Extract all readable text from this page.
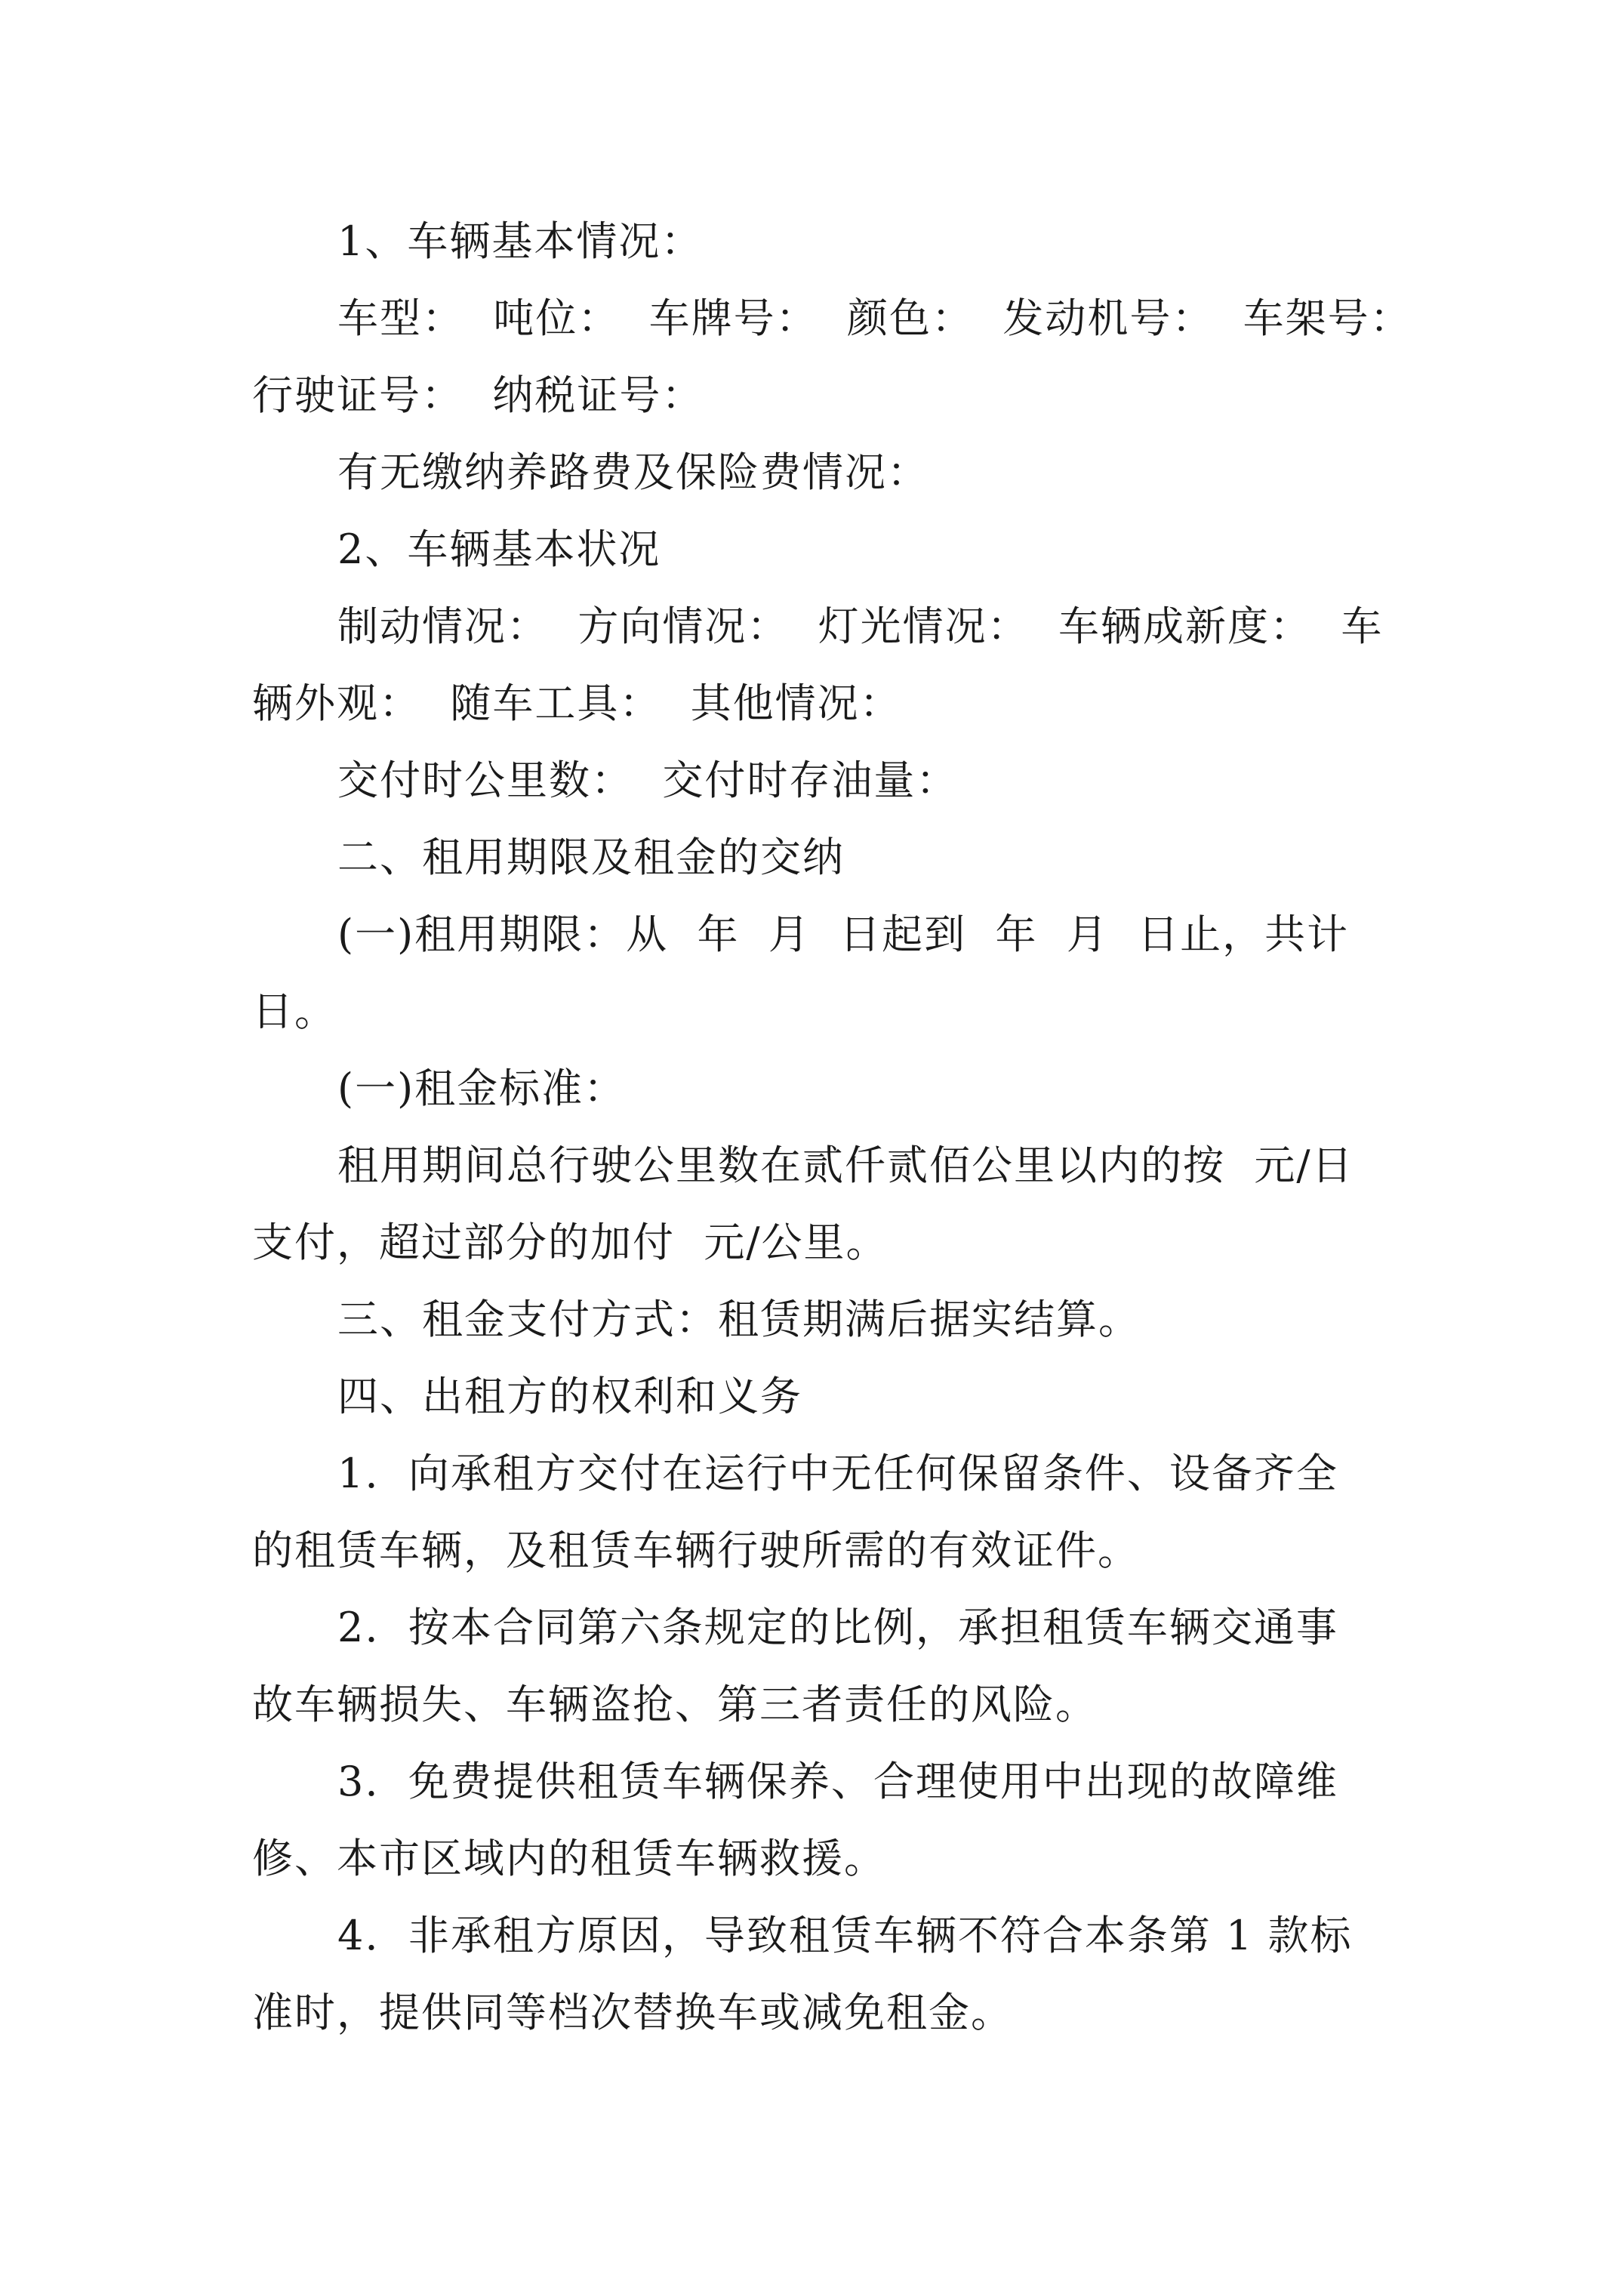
1、车辆基本情况：
车型：  吨位：  车牌号：  颜色：  发动机号：  车架号：
行驶证号：  纳税证号：
有无缴纳养路费及保险费情况：
2、车辆基本状况
制动情况：  方向情况：  灯光情况：  车辆成新度：  车
辆外观：  随车工具：  其他情况：
交付时公里数：  交付时存油量：
二、租用期限及租金的交纳
(一)租用期限：从  年  月  日起到  年  月  日止，共计
日。
(一)租金标准：
租用期间总行驶公里数在贰仟贰佰公里以内的按  元/日
支付，超过部分的加付  元/公里。
三、租金支付方式：租赁期满后据实结算。
四、出租方的权利和义务
1.  向承租方交付在运行中无任何保留条件、设备齐全
的租赁车辆，及租赁车辆行驶所需的有效证件。
2.  按本合同第六条规定的比例，承担租赁车辆交通事
故车辆损失、车辆盗抢、第三者责任的风险。
3.  免费提供租赁车辆保养、合理使用中出现的故障维
修、本市区域内的租赁车辆救援。
4.  非承租方原因，导致租赁车辆不符合本条第 1 款标
准时，提供同等档次替换车或减免租金。
